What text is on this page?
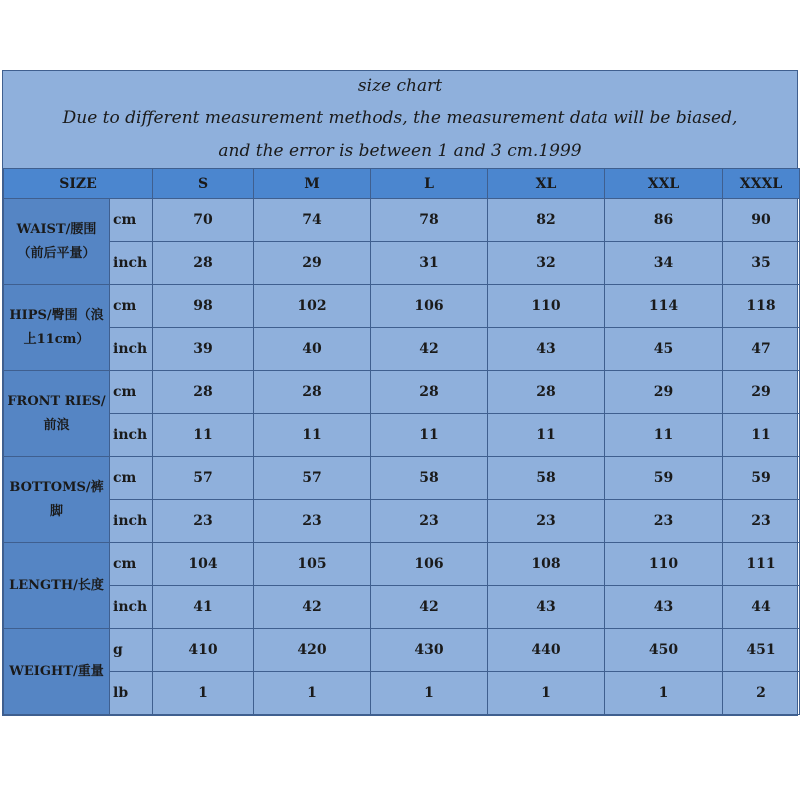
size chart
Due to different measurement methods, the measurement data will be biased,
and the error is between 1 and 3 cm.1999
SIZE		S	M	L	XL	XXL	XXXL
WAIST/腰围（前后平量）	cm	70	74	78	82	86	90
	inch	28	29	31	32	34	35
HIPS/臀围（浪上11cm）	cm	98	102	106	110	114	118
	inch	39	40	42	43	45	47
FRONT RIES/前浪	cm	28	28	28	28	29	29
	inch	11	11	11	11	11	11
BOTTOMS/裤脚	cm	57	57	58	58	59	59
	inch	23	23	23	23	23	23
LENGTH/长度	cm	104	105	106	108	110	111
	inch	41	42	42	43	43	44
WEIGHT/重量	g	410	420	430	440	450	451
	lb	1	1	1	1	1	2
